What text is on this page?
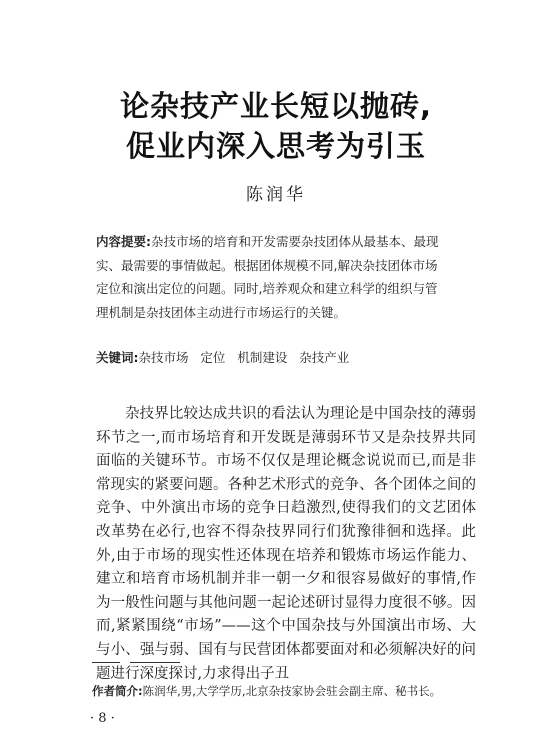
论杂技产业长短以抛砖,
促业内深入思考为引玉
陈润华
内容提要:杂技市场的培育和开发需要杂技团体从最基本、最现实、最需要的事情做起。根据团体规模不同,解决杂技团体市场定位和演出定位的问题。同时,培养观众和建立科学的组织与管理机制是杂技团体主动进行市场运行的关键。
关键词:杂技市场   定位   机制建设   杂技产业

杂技界比较达成共识的看法认为理论是中国杂技的薄弱环节之一,而市场培育和开发既是薄弱环节又是杂技界共同面临的关键环节。市场不仅仅是理论概念说说而已,而是非常现实的紧要问题。各种艺术形式的竞争、各个团体之间的竞争、中外演出市场的竞争日趋激烈,使得我们的文艺团体改革势在必行,也容不得杂技界同行们犹豫徘徊和选择。此外,由于市场的现实性还体现在培养和锻炼市场运作能力、建立和培育市场机制并非一朝一夕和很容易做好的事情,作为一般性问题与其他问题一起论述研讨显得力度很不够。因而,紧紧围绕“市场”——这个中国杂技与外国演出市场、大与小、强与弱、国有与民营团体都要面对和必须解决好的问题进行深度探讨,力求得出子丑

作者简介:陈润华,男,大学学历,北京杂技家协会驻会副主席、秘书长。
· 8 ·
